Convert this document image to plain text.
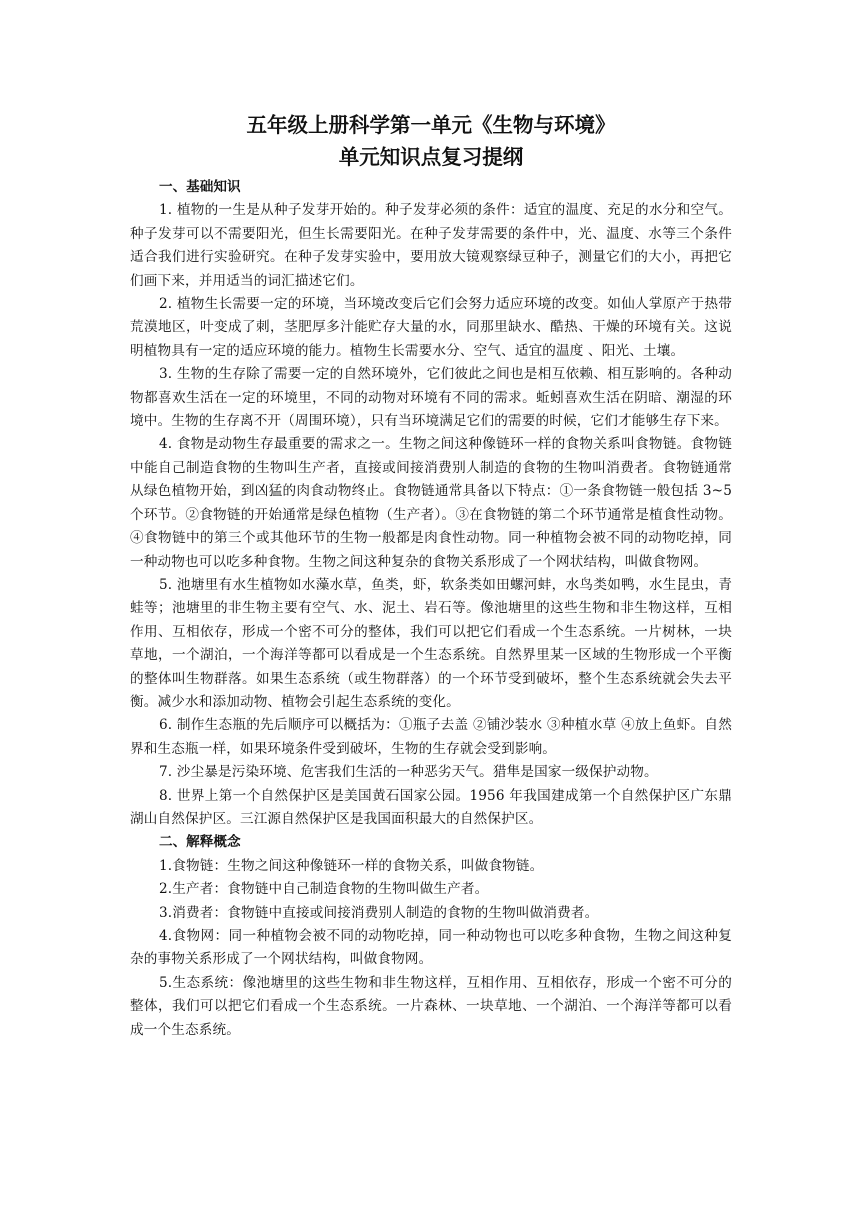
五年级上册科学第一单元《生物与环境》
单元知识点复习提纲

一、基础知识

1. 植物的一生是从种子发芽开始的。种子发芽必须的条件：适宜的温度、充足的水分和空气。种子发芽可以不需要阳光，但生长需要阳光。在种子发芽需要的条件中，光、温度、水等三个条件适合我们进行实验研究。在种子发芽实验中，要用放大镜观察绿豆种子，测量它们的大小，再把它们画下来，并用适当的词汇描述它们。

2. 植物生长需要一定的环境，当环境改变后它们会努力适应环境的改变。如仙人掌原产于热带荒漠地区，叶变成了刺，茎肥厚多汁能贮存大量的水，同那里缺水、酷热、干燥的环境有关。这说明植物具有一定的适应环境的能力。植物生长需要水分、空气、适宜的温度 、阳光、土壤。

3. 生物的生存除了需要一定的自然环境外，它们彼此之间也是相互依赖、相互影响的。各种动物都喜欢生活在一定的环境里，不同的动物对环境有不同的需求。蚯蚓喜欢生活在阴暗、潮湿的环境中。生物的生存离不开（周围环境），只有当环境满足它们的需要的时候，它们才能够生存下来。

4. 食物是动物生存最重要的需求之一。生物之间这种像链环一样的食物关系叫食物链。食物链中能自己制造食物的生物叫生产者，直接或间接消费别人制造的食物的生物叫消费者。食物链通常从绿色植物开始，到凶猛的肉食动物终止。食物链通常具备以下特点：①一条食物链一般包括 3~5 个环节。②食物链的开始通常是绿色植物（生产者）。③在食物链的第二个环节通常是植食性动物。④食物链中的第三个或其他环节的生物一般都是肉食性动物。同一种植物会被不同的动物吃掉，同一种动物也可以吃多种食物。生物之间这种复杂的食物关系形成了一个网状结构，叫做食物网。

5. 池塘里有水生植物如水藻水草，鱼类，虾，软条类如田螺河蚌，水鸟类如鸭，水生昆虫，青蛙等；池塘里的非生物主要有空气、水、泥土、岩石等。像池塘里的这些生物和非生物这样，互相作用、互相依存，形成一个密不可分的整体，我们可以把它们看成一个生态系统。一片树林，一块草地，一个湖泊，一个海洋等都可以看成是一个生态系统。自然界里某一区域的生物形成一个平衡的整体叫生物群落。如果生态系统（或生物群落）的一个环节受到破坏，整个生态系统就会失去平衡。减少水和添加动物、植物会引起生态系统的变化。

6. 制作生态瓶的先后顺序可以概括为：①瓶子去盖 ②铺沙装水 ③种植水草 ④放上鱼虾。自然界和生态瓶一样，如果环境条件受到破坏，生物的生存就会受到影响。

7. 沙尘暴是污染环境、危害我们生活的一种恶劣天气。猎隼是国家一级保护动物。

8. 世界上第一个自然保护区是美国黄石国家公园。1956 年我国建成第一个自然保护区广东鼎湖山自然保护区。三江源自然保护区是我国面积最大的自然保护区。

二、解释概念

1.食物链：生物之间这种像链环一样的食物关系，叫做食物链。

2.生产者：食物链中自己制造食物的生物叫做生产者。

3.消费者：食物链中直接或间接消费别人制造的食物的生物叫做消费者。

4.食物网：同一种植物会被不同的动物吃掉，同一种动物也可以吃多种食物，生物之间这种复杂的事物关系形成了一个网状结构，叫做食物网。

5.生态系统：像池塘里的这些生物和非生物这样，互相作用、互相依存，形成一个密不可分的整体，我们可以把它们看成一个生态系统。一片森林、一块草地、一个湖泊、一个海洋等都可以看成一个生态系统。
